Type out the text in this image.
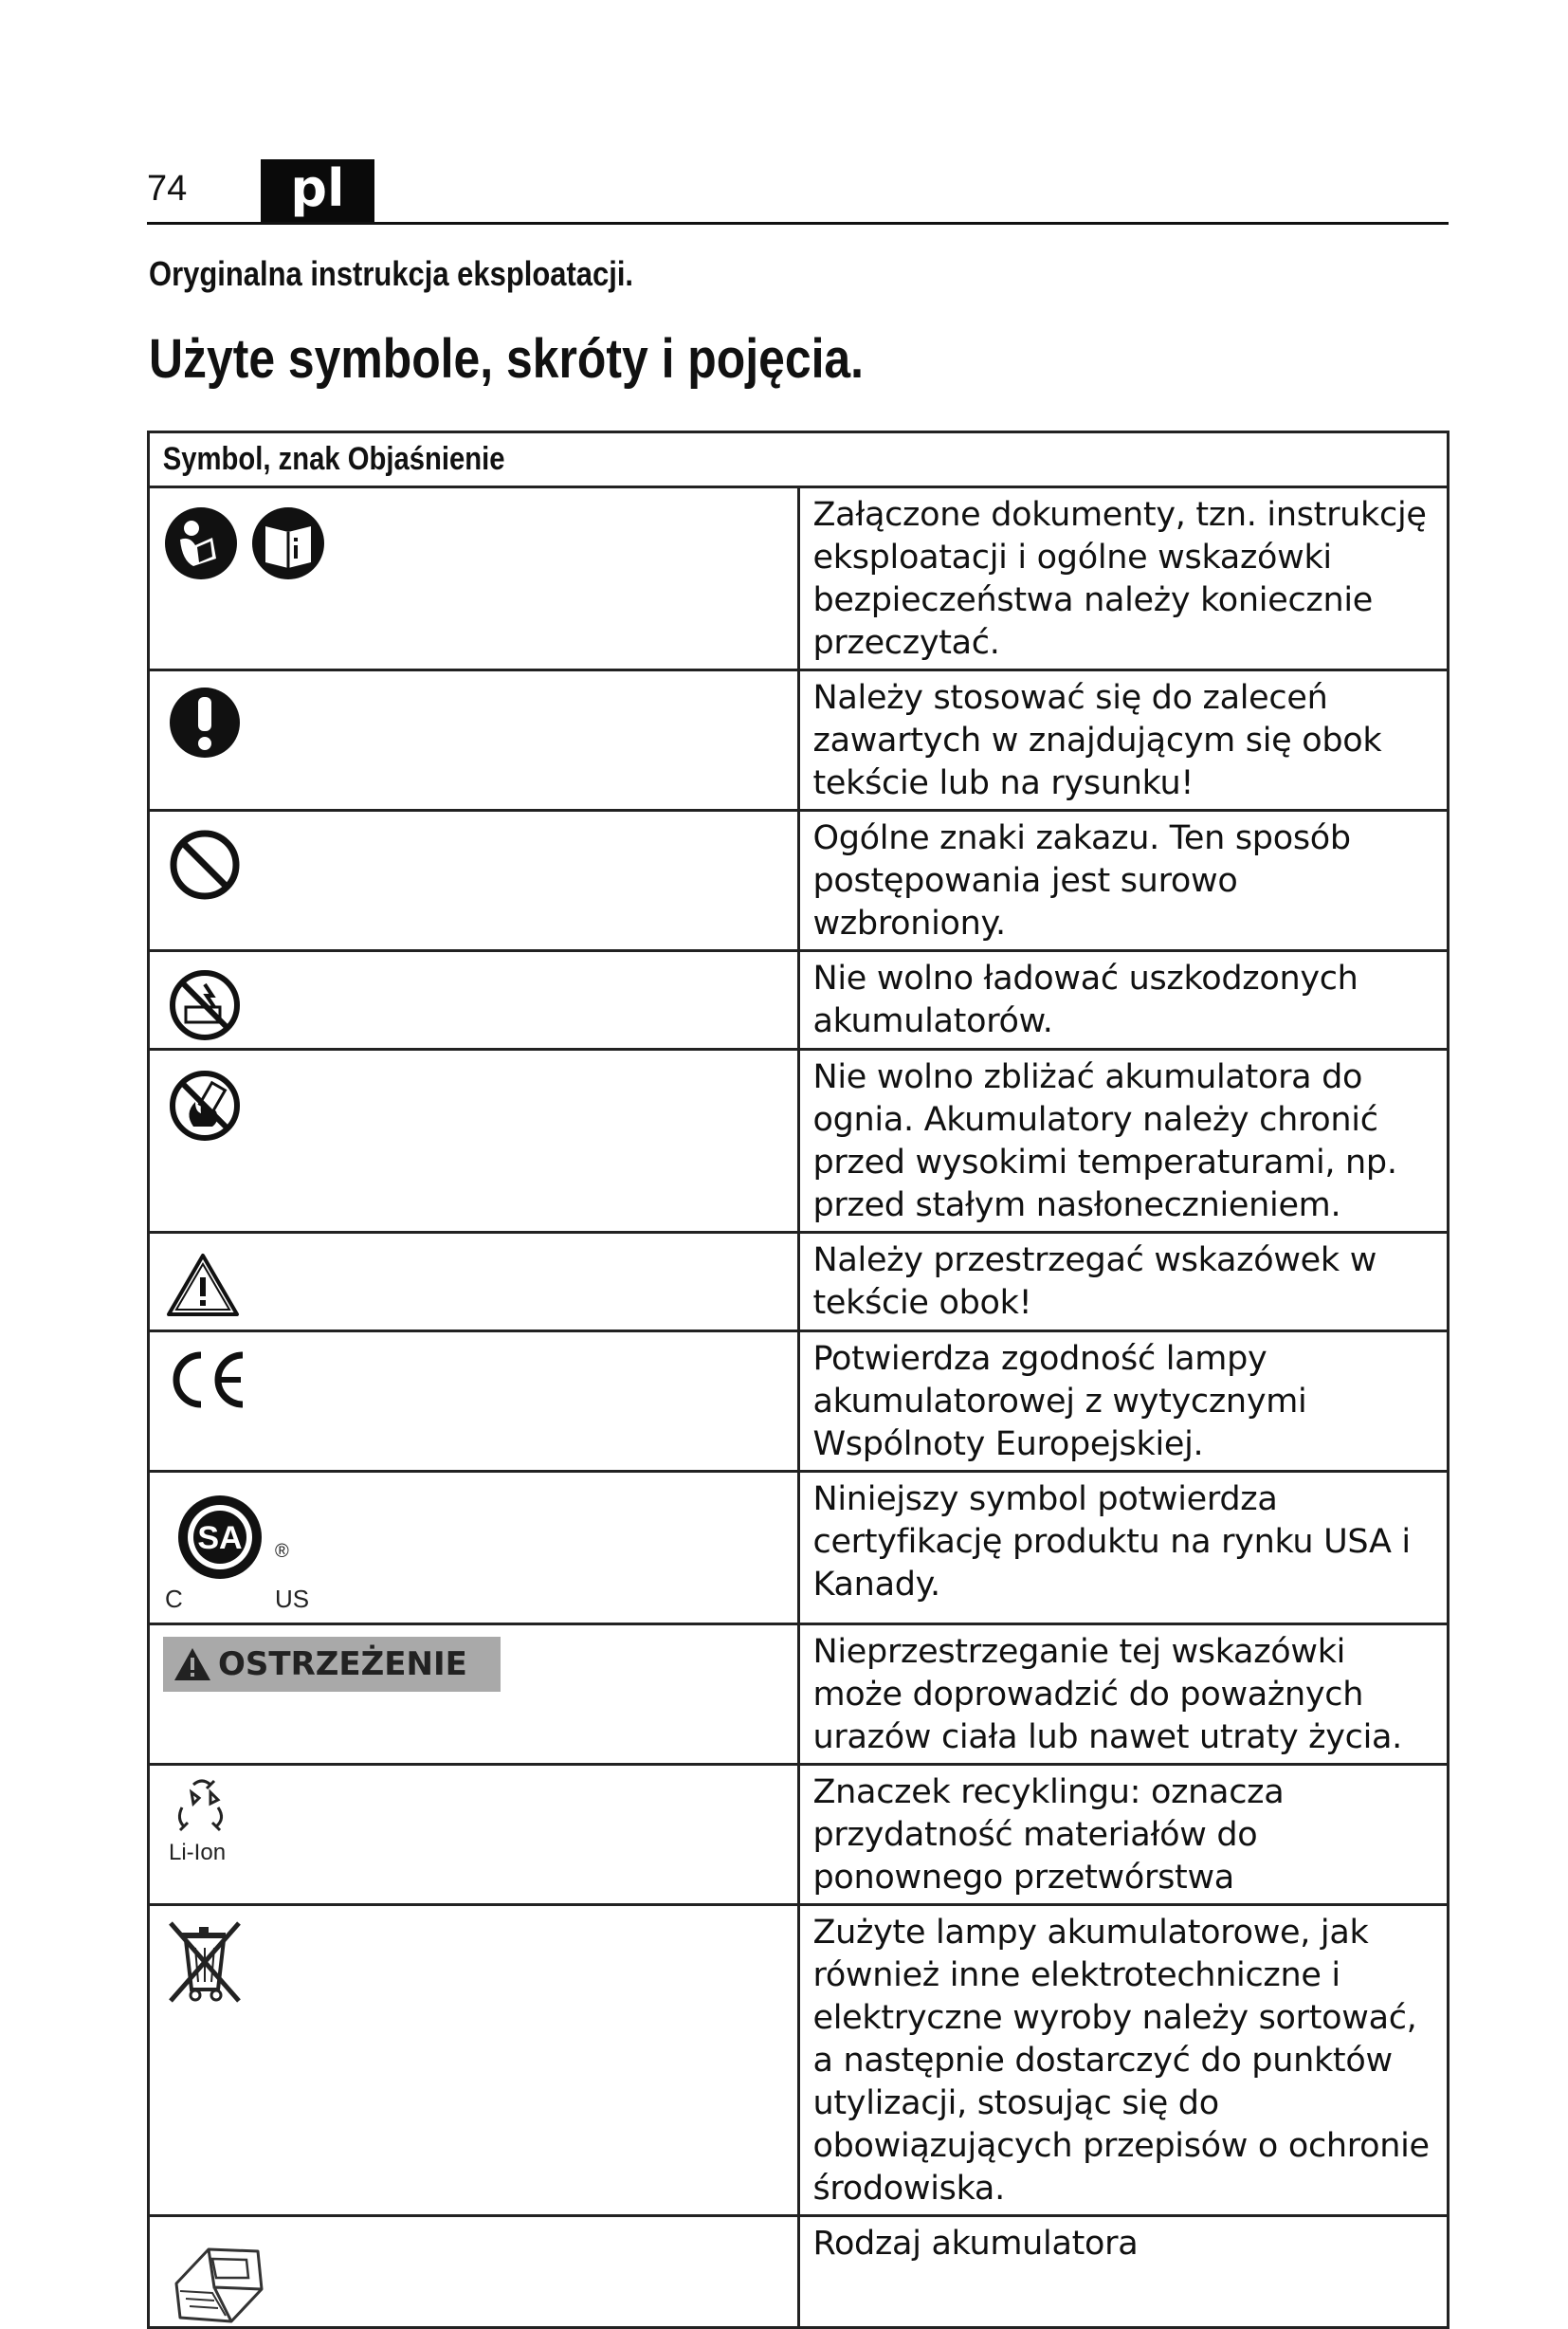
74	pl
Oryginalna instrukcja eksploatacji.
Użyte symbole, skróty i pojęcia.
Symbol, znak Objaśnienie	

	Załączone dokumenty, tzn. instrukcję eksploatacji i ogólne wskazówki bezpieczeństwa należy koniecznie przeczytać.

	Należy stosować się do zaleceń zawartych w znajdującym się obok tekście lub na rysunku!

	Ogólne znaki zakazu. Ten sposób postępowania jest surowo wzbroniony.

	Nie wolno ładować uszkodzonych akumulatorów.

	Nie wolno zbliżać akumulatora do ognia. Akumulatory należy chronić przed wysokimi temperaturami, np. przed stałym nasłonecznieniem.

	Należy przestrzegać wskazówek w tekście obok!

	Potwierdza zgodność lampy akumulatorowej z wytycznymi Wspólnoty Europejskiej.

SA ®
C US	Niniejszy symbol potwierdza certyfikację produktu na rynku USA i Kanady.

OSTRZEŻENIE	Nieprzestrzeganie tej wskazówki może doprowadzić do poważnych urazów ciała lub nawet utraty życia.

Li-Ion	Znaczek recyklingu: oznacza przydatność materiałów do ponownego przetwórstwa

	Zużyte lampy akumulatorowe, jak również inne elektrotechniczne i elektryczne wyroby należy sortować, a następnie dostarczyć do punktów utylizacji, stosując się do obowiązujących przepisów o ochronie środowiska.

	Rodzaj akumulatora
